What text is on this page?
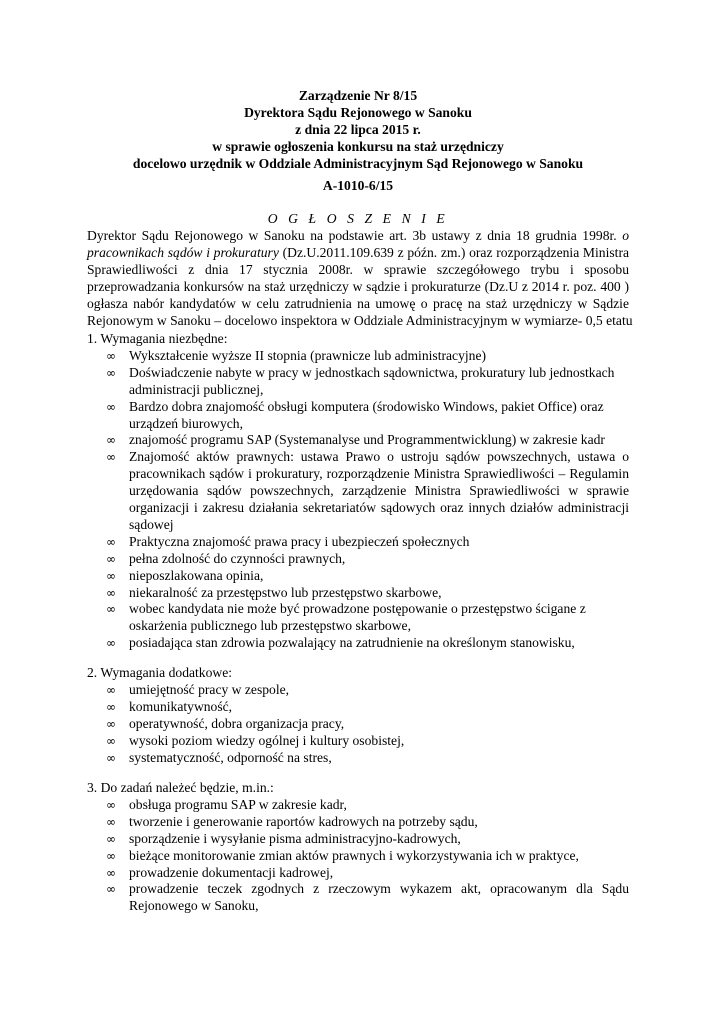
Zarządzenie Nr 8/15
Dyrektora Sądu Rejonowego w Sanoku
z dnia 22 lipca 2015 r.
w sprawie ogłoszenia konkursu na staż urzędniczy
docelowo urzędnik w Oddziale Administracyjnym Sąd Rejonowego w Sanoku
A-1010-6/15
O G Ł O S Z E N I E
Dyrektor Sądu Rejonowego w Sanoku na podstawie art. 3b ustawy z dnia 18 grudnia 1998r. o
pracownikach sądów i prokuratury (Dz.U.2011.109.639 z późn. zm.) oraz rozporządzenia Ministra
Sprawiedliwości z dnia 17 stycznia 2008r. w sprawie szczegółowego trybu i sposobu
przeprowadzania konkursów na staż urzędniczy w sądzie i prokuraturze (Dz.U z 2014 r. poz. 400 )
ogłasza nabór kandydatów w celu zatrudnienia na umowę o pracę na staż urzędniczy w Sądzie
Rejonowym w Sanoku – docelowo inspektora w Oddziale Administracyjnym w wymiarze- 0,5 etatu
1. Wymagania niezbędne:
∞ Wykształcenie wyższe II stopnia (prawnicze lub administracyjne)
∞ Doświadczenie nabyte w pracy w jednostkach sądownictwa, prokuratury lub jednostkach administracji publicznej,
∞ Bardzo dobra znajomość obsługi komputera (środowisko Windows, pakiet Office) oraz urządzeń biurowych,
∞ znajomość programu SAP (Systemanalyse und Programmentwicklung) w zakresie kadr
∞ Znajomość aktów prawnych: ustawa Prawo o ustroju sądów powszechnych, ustawa o pracownikach sądów i prokuratury, rozporządzenie Ministra Sprawiedliwości – Regulamin urzędowania sądów powszechnych, zarządzenie Ministra Sprawiedliwości w sprawie organizacji i zakresu działania sekretariatów sądowych oraz innych działów administracji sądowej
∞ Praktyczna znajomość prawa pracy i ubezpieczeń społecznych
∞ pełna zdolność do czynności prawnych,
∞ nieposzlakowana opinia,
∞ niekaralność za przestępstwo lub przestępstwo skarbowe,
∞ wobec kandydata nie może być prowadzone postępowanie o przestępstwo ścigane z oskarżenia publicznego lub przestępstwo skarbowe,
∞ posiadająca stan zdrowia pozwalający na zatrudnienie na określonym stanowisku,
2. Wymagania dodatkowe:
∞ umiejętność pracy w zespole,
∞ komunikatywność,
∞ operatywność, dobra organizacja pracy,
∞ wysoki poziom wiedzy ogólnej i kultury osobistej,
∞ systematyczność, odporność na stres,
3. Do zadań należeć będzie, m.in.:
∞ obsługa programu SAP w zakresie kadr,
∞ tworzenie i generowanie raportów kadrowych na potrzeby sądu,
∞ sporządzenie i wysyłanie pisma administracyjno-kadrowych,
∞ bieżące monitorowanie zmian aktów prawnych i wykorzystywania ich w praktyce,
∞ prowadzenie dokumentacji kadrowej,
∞ prowadzenie teczek zgodnych z rzeczowym wykazem akt, opracowanym dla Sądu Rejonowego w Sanoku,
